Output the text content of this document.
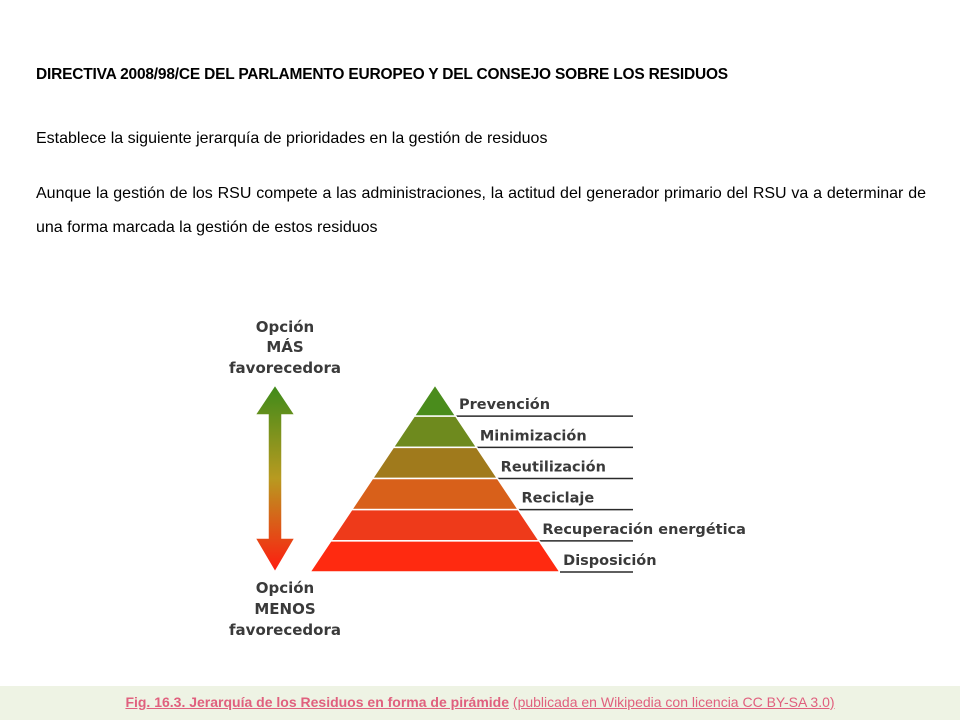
DIRECTIVA 2008/98/CE DEL PARLAMENTO EUROPEO Y DEL CONSEJO SOBRE LOS RESIDUOS
Establece la siguiente jerarquía de prioridades en la gestión de residuos
Aunque la gestión de los RSU compete a las administraciones, la actitud del generador primario del RSU va a determinar de una forma marcada la gestión de estos residuos
Opción
MÁS
favorecedora
Opción
MENOS
favorecedora
Prevención
Minimización
Reutilización
Reciclaje
Recuperación energética
Disposición
Fig. 16.3. Jerarquía de los Residuos en forma de pirámide (publicada en Wikipedia con licencia CC BY-SA 3.0)
